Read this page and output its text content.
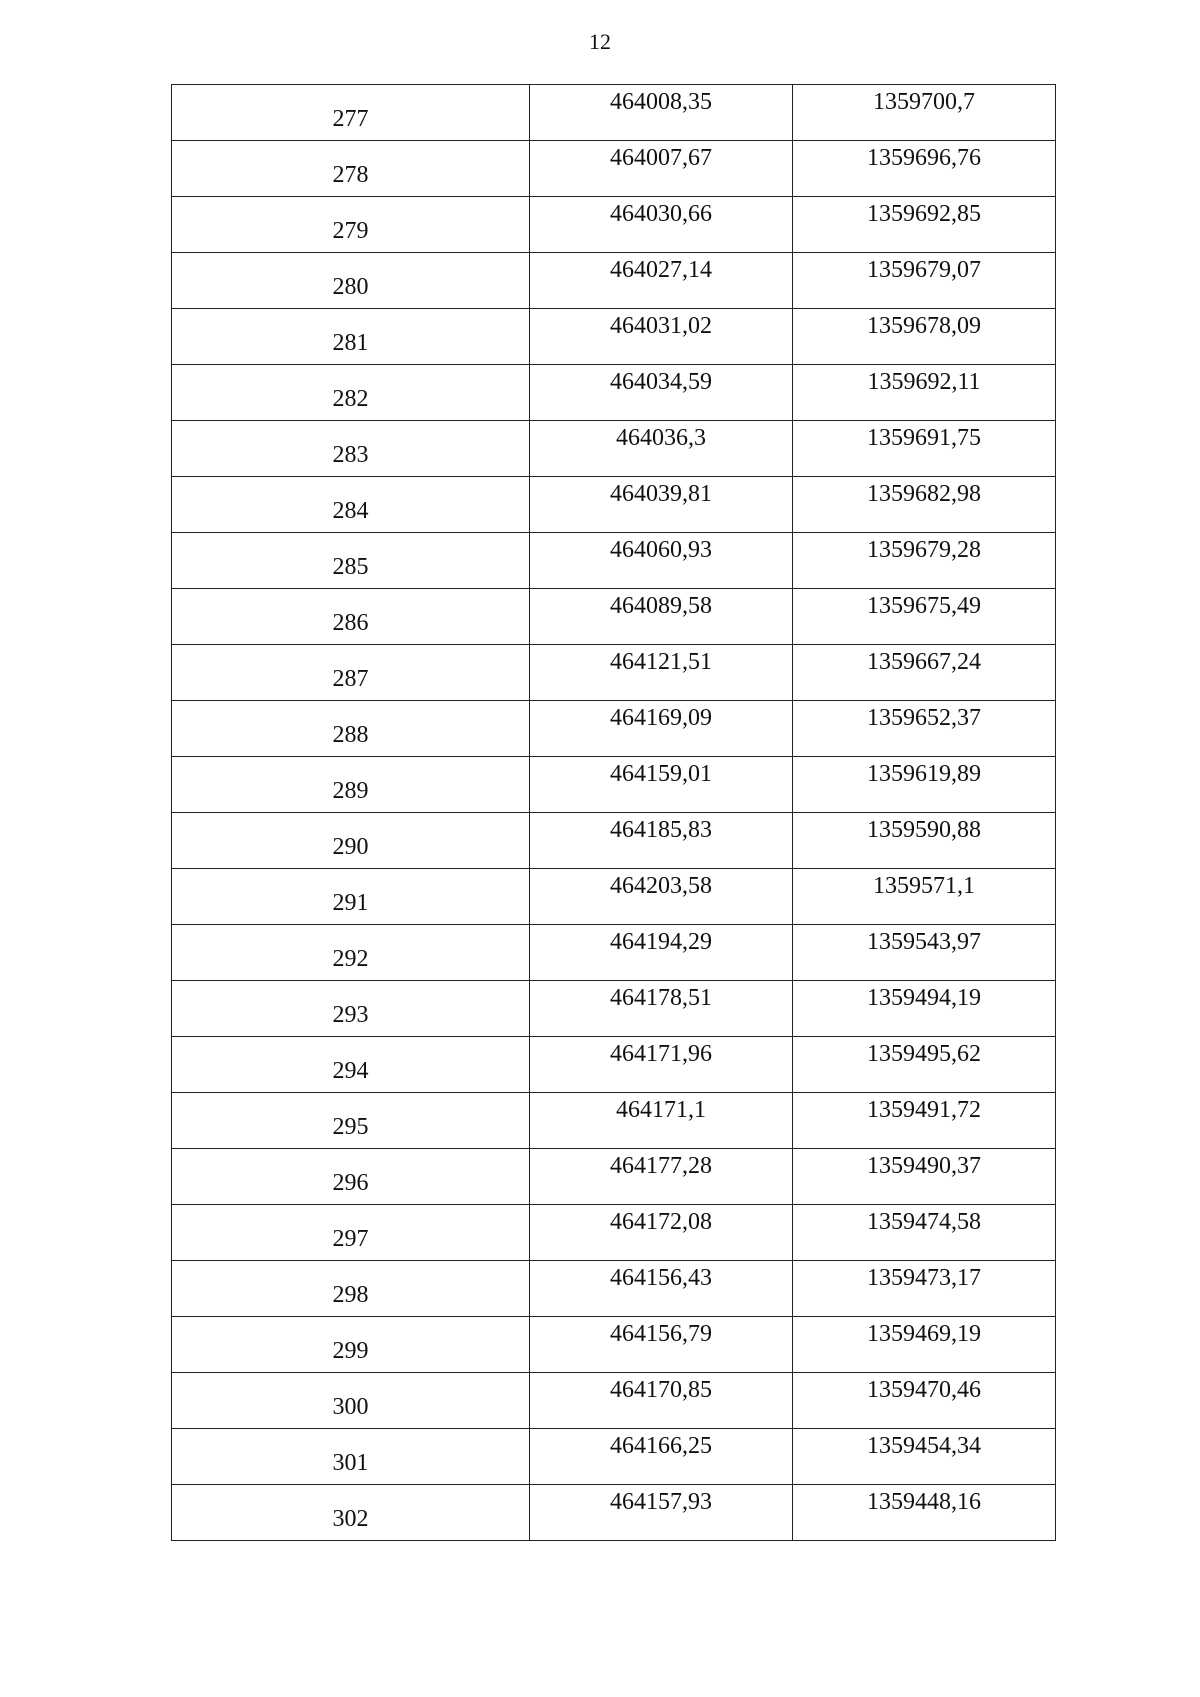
12
277	464008,35	1359700,7
278	464007,67	1359696,76
279	464030,66	1359692,85
280	464027,14	1359679,07
281	464031,02	1359678,09
282	464034,59	1359692,11
283	464036,3	1359691,75
284	464039,81	1359682,98
285	464060,93	1359679,28
286	464089,58	1359675,49
287	464121,51	1359667,24
288	464169,09	1359652,37
289	464159,01	1359619,89
290	464185,83	1359590,88
291	464203,58	1359571,1
292	464194,29	1359543,97
293	464178,51	1359494,19
294	464171,96	1359495,62
295	464171,1	1359491,72
296	464177,28	1359490,37
297	464172,08	1359474,58
298	464156,43	1359473,17
299	464156,79	1359469,19
300	464170,85	1359470,46
301	464166,25	1359454,34
302	464157,93	1359448,16
